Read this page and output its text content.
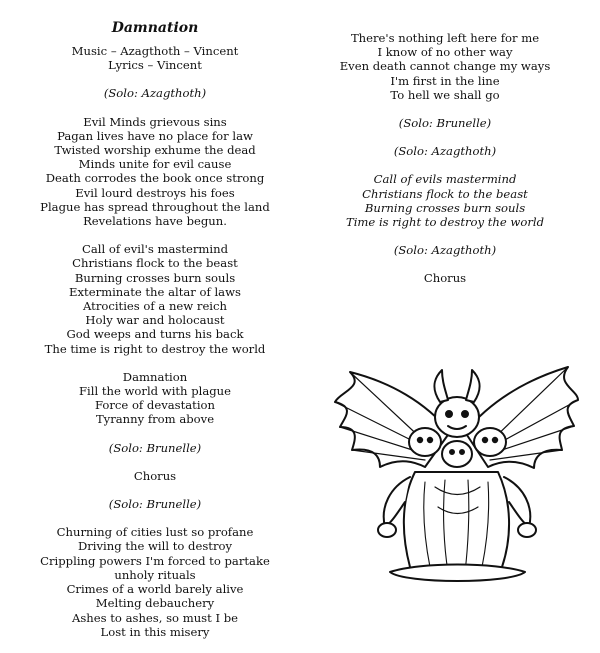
Damnation
Music – Azagthoth – Vincent
Lyrics – Vincent
(Solo: Azagthoth)
Evil Minds grievous sins
Pagan lives have no place for law
Twisted worship exhume the dead
Minds unite for evil cause
Death corrodes the book once strong
Evil lourd destroys his foes
Plague has spread throughout the land
Revelations have begun.
Call of evil's mastermind
Christians flock to the beast
Burning crosses burn souls
Exterminate the altar of laws
Atrocities of a new reich
Holy war and holocaust
God weeps and turns his back
The time is right to destroy the world
Damnation
Fill the world with plague
Force of devastation
Tyranny from above
(Solo: Brunelle)
Chorus
(Solo: Brunelle)
Churning of cities lust so profane
Driving the will to destroy
Crippling powers I'm forced to partake
unholy rituals
Crimes of a world barely alive
Melting debauchery
Ashes to ashes, so must I be
Lost in this misery
There's nothing left here for me
I know of no other way
Even death cannot change my ways
I'm first in the line
To hell we shall go
(Solo: Brunelle)
(Solo: Azagthoth)
Call of evils mastermind
Christians flock to the beast
Burning crosses burn souls
Time is right to destroy the world
(Solo: Azagthoth)
Chorus
